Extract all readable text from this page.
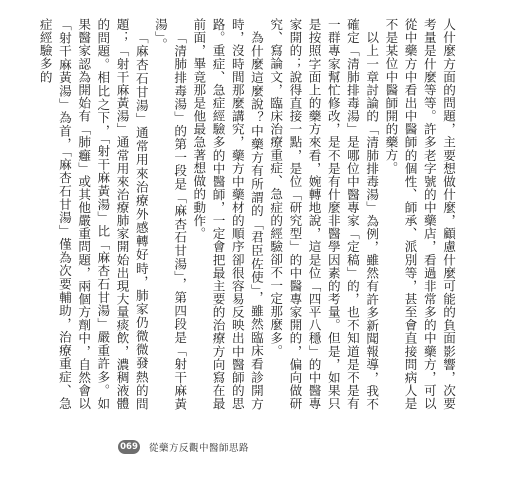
人什麼方面的問題，主要想做什麼，顧慮什麼可能的負面影響，次要考量是什麼等等。許多老字號的中藥店，看過非常多的中藥方，可以從中藥方中看出中醫師的個性、師承、派別等，甚至會直接問病人是不是某位中醫師開的藥方。

以上一章討論的「清肺排毒湯」為例，雖然有許多新聞報導，我不確定「清肺排毒湯」是哪位中醫專家「定稿」的，也不知道是不是有一群專家幫忙修改，是不是有什麼非醫學因素的考量。但是，如果只是按照字面上的藥方來看，婉轉地說，這是位「四平八穩」的中醫專家開的；說得直接一點，是位「研究型」的中醫專家開的，偏向做研究、寫論文，臨床治療重症、急症的經驗卻不一定那麼多。

為什麼這麼說？中藥方有所謂的「君臣佐使」，雖然臨床看診開方時，沒時間那麼講究，藥方中藥材的順序卻很容易反映出中醫師的思路。重症、急症經驗多的中醫師，一定會把最主要的治療方向寫在最前面，畢竟那是他最急著想做的動作。

「清肺排毒湯」的第一段是「麻杏石甘湯」，第四段是「射干麻黃湯」。

「麻杏石甘湯」通常用來治療外感轉好時，肺家仍微微發熱的問題；「射干麻黃湯」通常用來治療肺家開始出現大量痰飲，濃稠液體的問題。相比之下，「射干麻黃湯」比「麻杏石甘湯」嚴重許多。如果醫家認為開始有「肺癰」或其他嚴重問題，兩個方劑中，自然會以「射干麻黃湯」為首，「麻杏石甘湯」僅為次要輔助，治療重症、急症經驗多的

069 從藥方反觀中醫師思路
